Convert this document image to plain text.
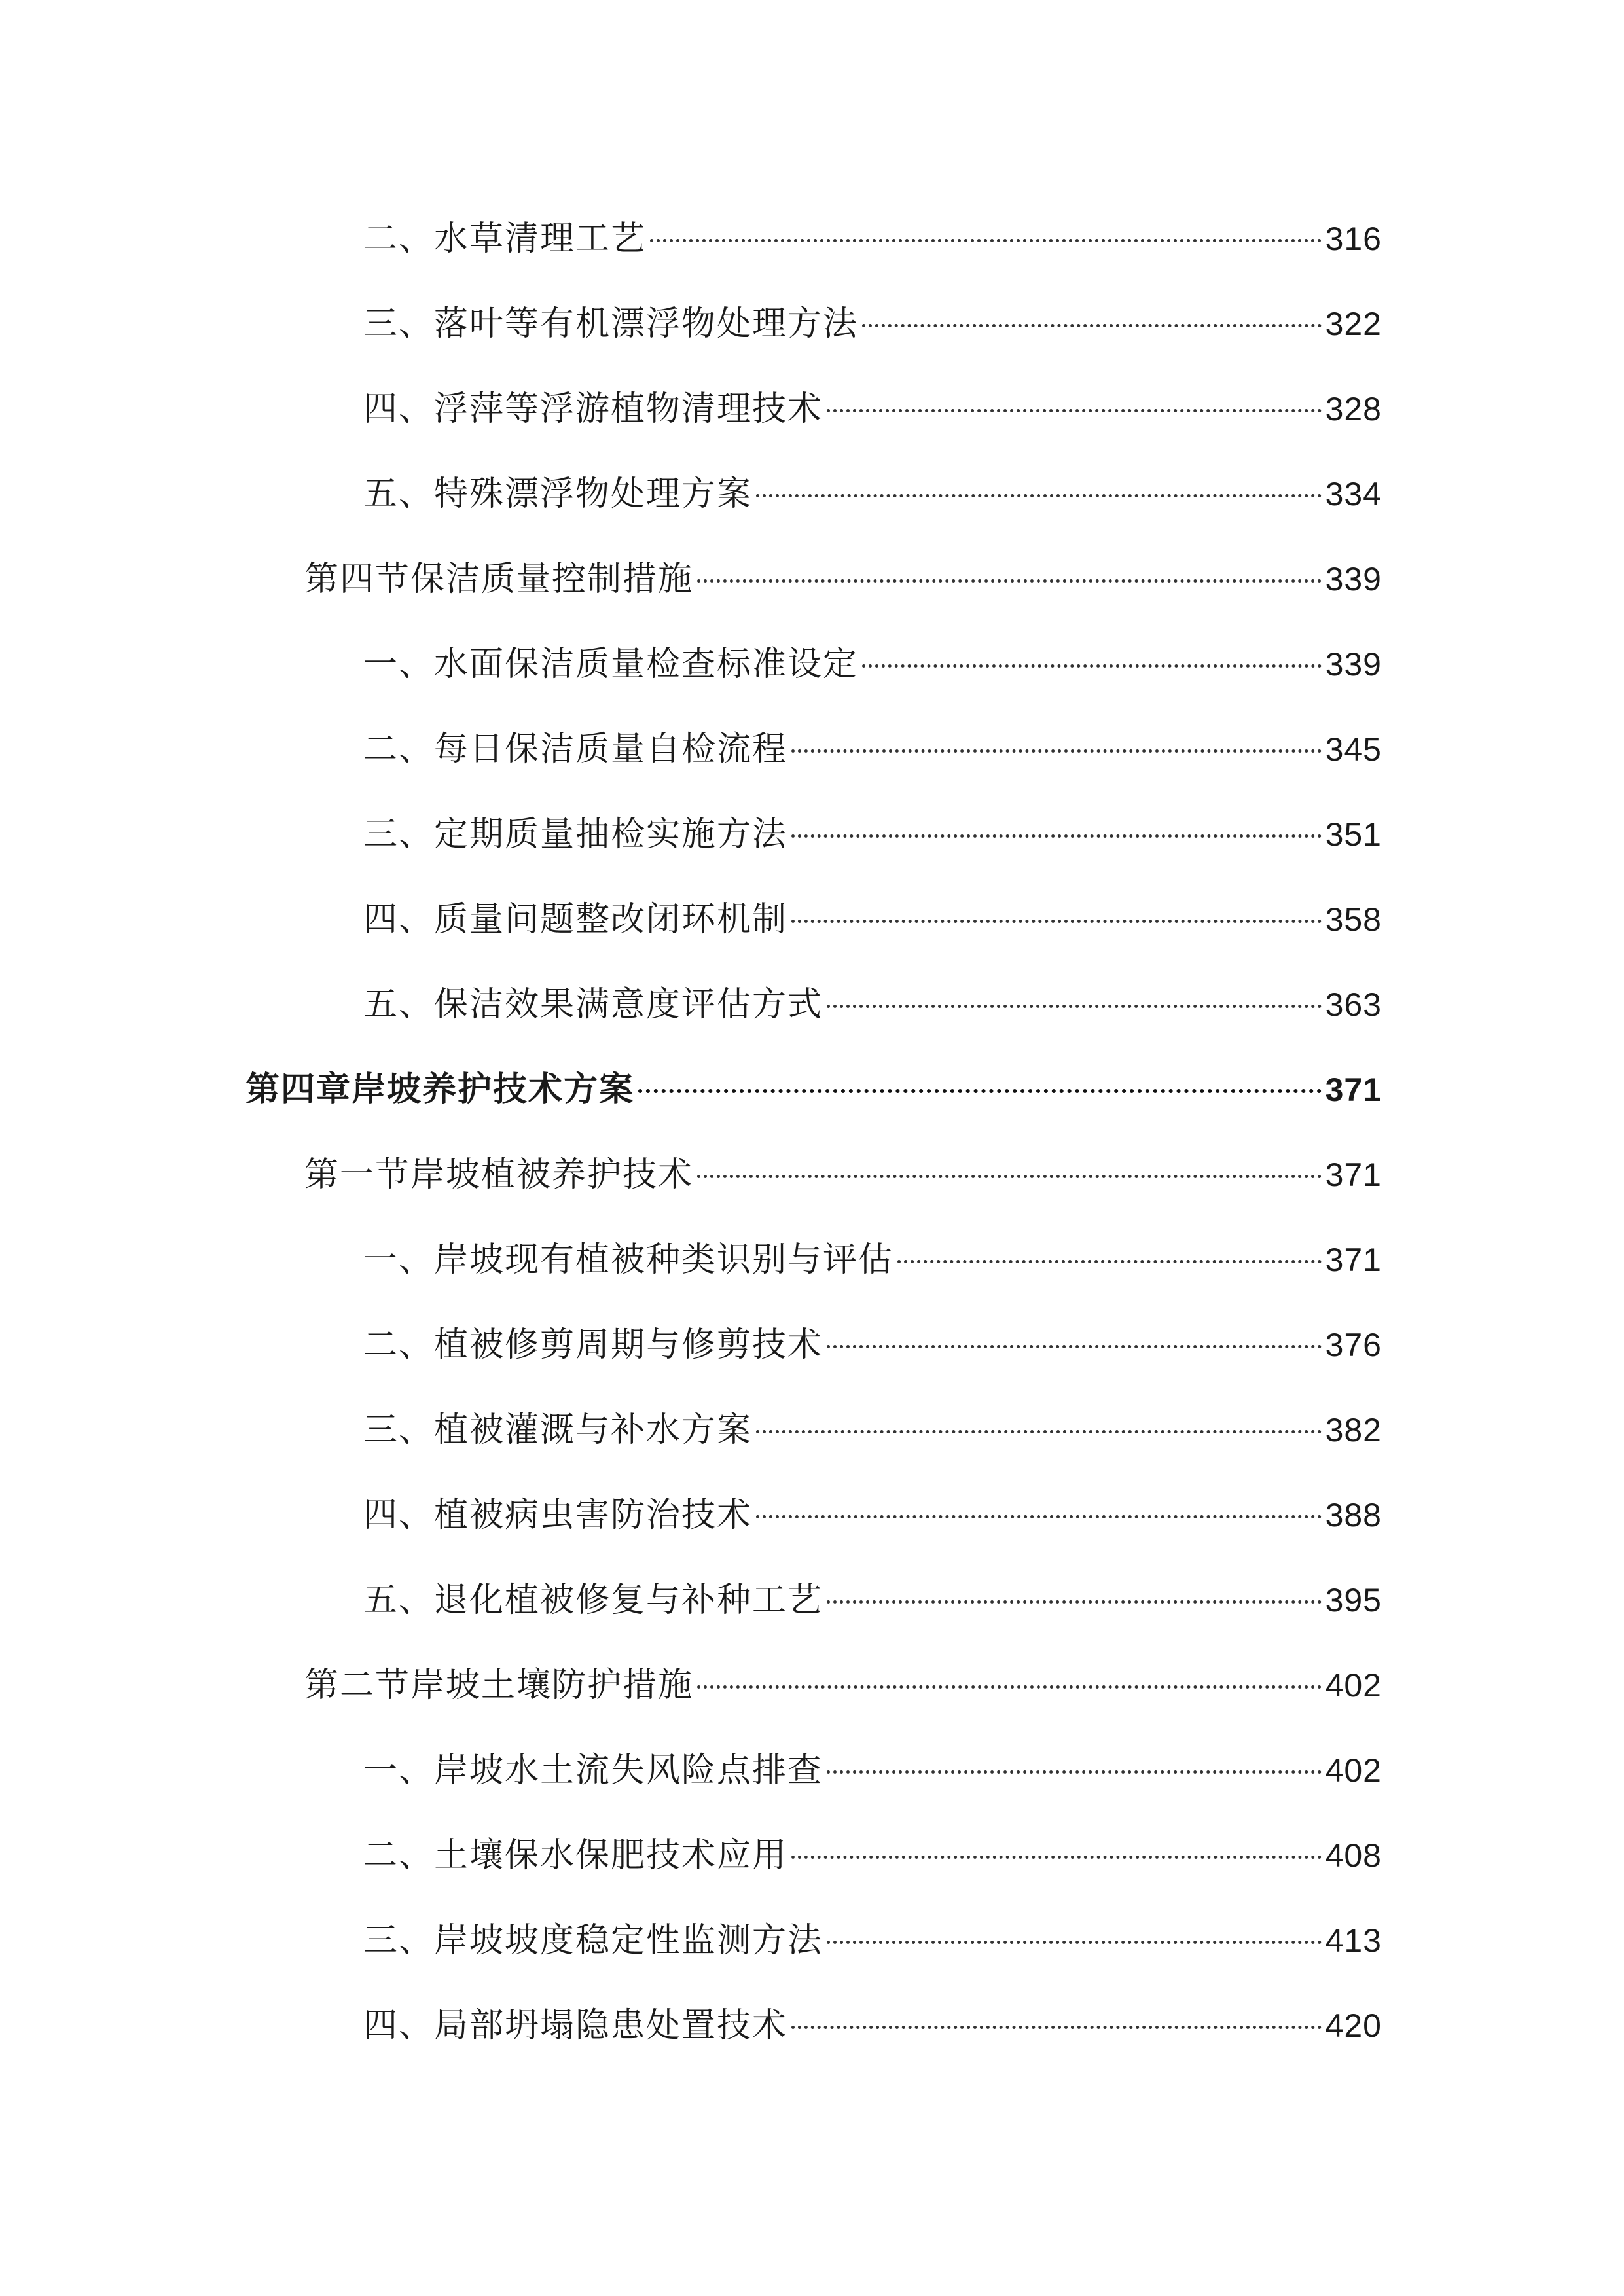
二、水草清理工艺	316
三、落叶等有机漂浮物处理方法	322
四、浮萍等浮游植物清理技术	328
五、特殊漂浮物处理方案	334
第四节保洁质量控制措施	339
一、水面保洁质量检查标准设定	339
二、每日保洁质量自检流程	345
三、定期质量抽检实施方法	351
四、质量问题整改闭环机制	358
五、保洁效果满意度评估方式	363
第四章岸坡养护技术方案	371
第一节岸坡植被养护技术	371
一、岸坡现有植被种类识别与评估	371
二、植被修剪周期与修剪技术	376
三、植被灌溉与补水方案	382
四、植被病虫害防治技术	388
五、退化植被修复与补种工艺	395
第二节岸坡土壤防护措施	402
一、岸坡水土流失风险点排查	402
二、土壤保水保肥技术应用	408
三、岸坡坡度稳定性监测方法	413
四、局部坍塌隐患处置技术	420
